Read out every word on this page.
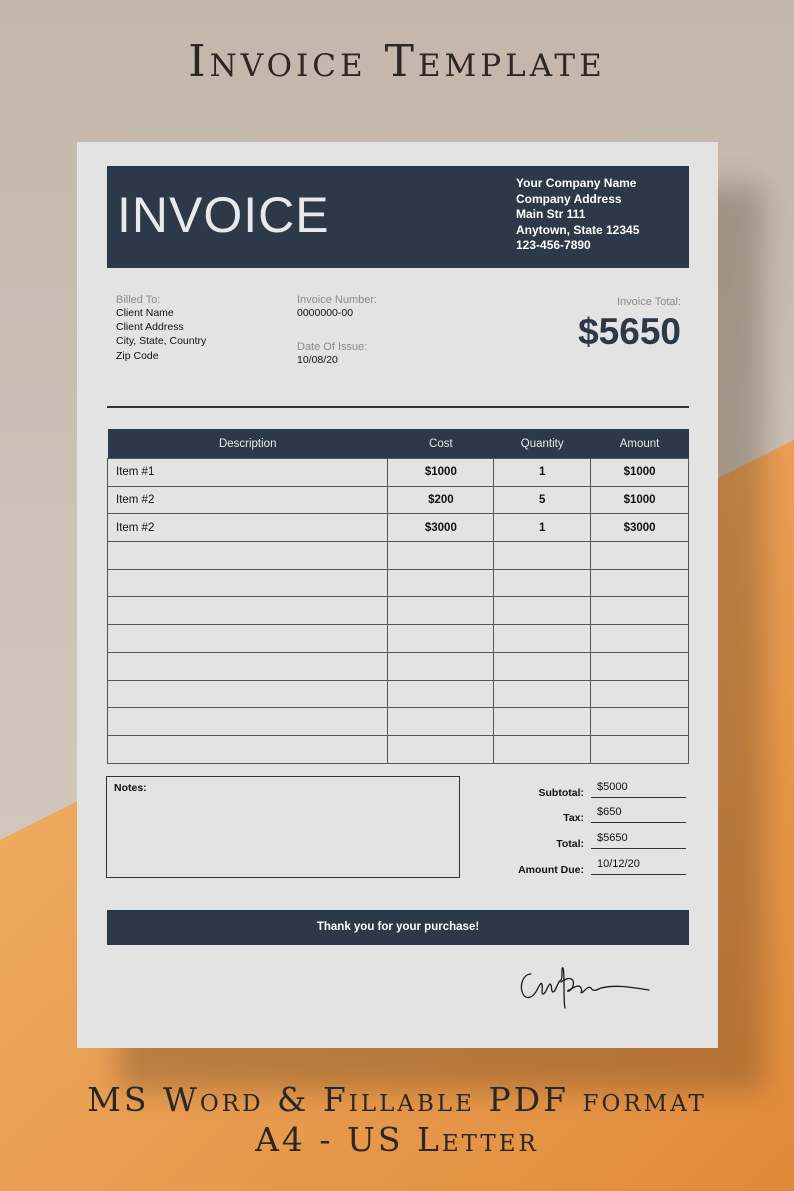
Invoice Template
INVOICE
Your Company Name
Company Address
Main Str 111
Anytown, State 12345
123-456-7890
Billed To:
Client Name
Client Address
City, State, Country
Zip Code
Invoice Number:
0000000-00
Date Of Issue:
10/08/20
Invoice Total:
$5650
Description	Cost	Quantity	Amount
Item #1	$1000	1	$1000
Item #2	$200	5	$1000
Item #2	$3000	1	$3000

Notes:	Subtotal:	$5000
Tax:	$650
Total:	$5650
Amount Due:	10/12/20
Thank you for your purchase!
MS Word & Fillable PDF format
A4 - US Letter
